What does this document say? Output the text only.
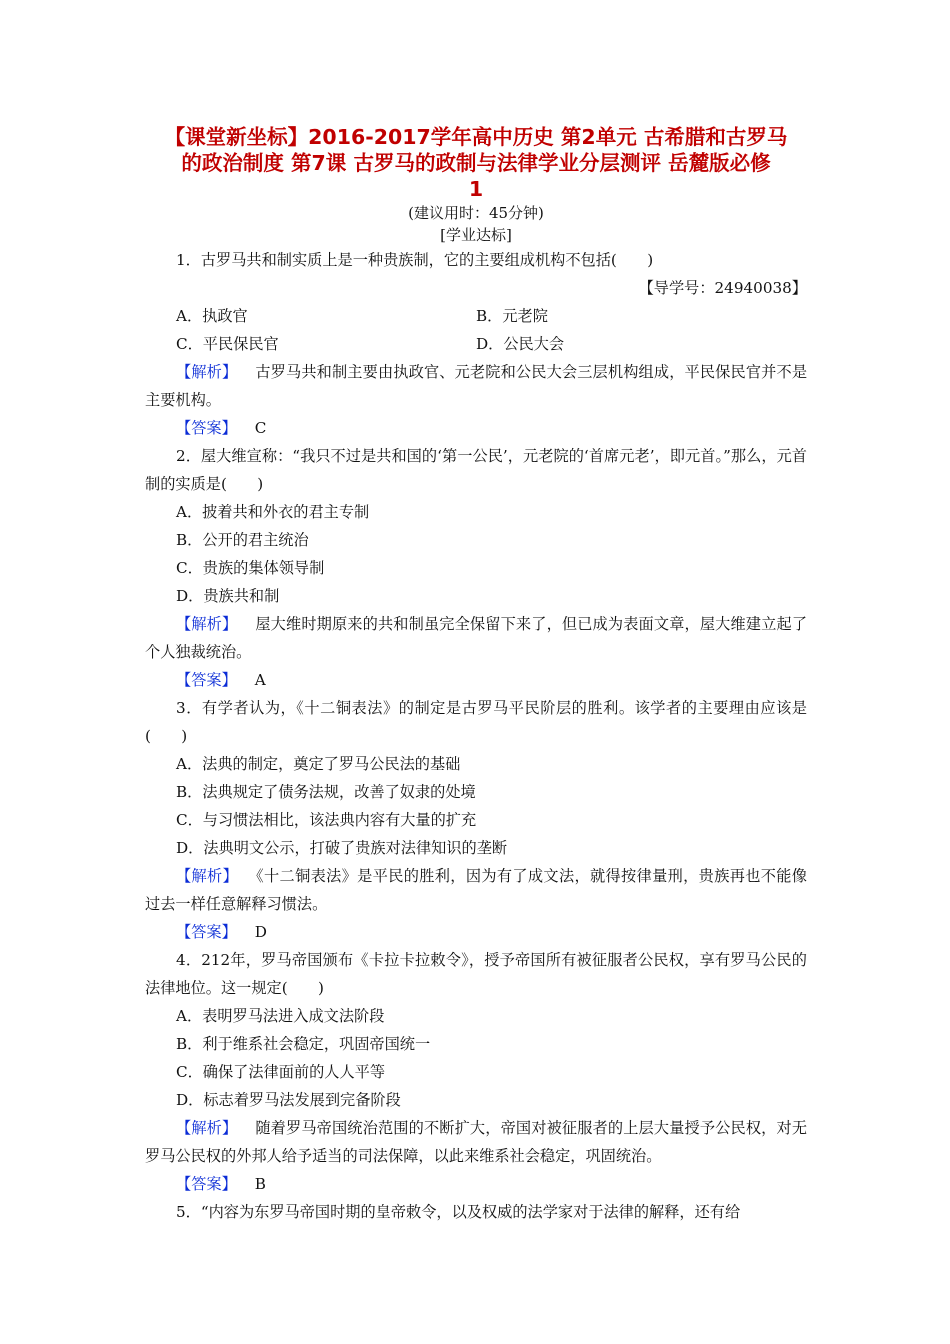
【课堂新坐标】2016-2017学年高中历史 第2单元 古希腊和古罗马
的政治制度 第7课 古罗马的政制与法律学业分层测评 岳麓版必修
1
(建议用时：45分钟)
[学业达标]

1．古罗马共和制实质上是一种贵族制，它的主要组成机构不包括(　　)

【导学号：24940038】

A．执政官	B．元老院
C．平民保民官	D．公民大会

【解析】 古罗马共和制主要由执政官、元老院和公民大会三层机构组成，平民保民官并不是主要机构。

【答案】 C

2．屋大维宣称：“我只不过是共和国的‘第一公民’，元老院的‘首席元老’，即元首。”那么，元首制的实质是(　　)

A．披着共和外衣的君主专制

B．公开的君主统治

C．贵族的集体领导制

D．贵族共和制

【解析】 屋大维时期原来的共和制虽完全保留下来了，但已成为表面文章，屋大维建立起了个人独裁统治。

【答案】 A

3．有学者认为，《十二铜表法》的制定是古罗马平民阶层的胜利。该学者的主要理由应该是(　　)

A．法典的制定，奠定了罗马公民法的基础

B．法典规定了债务法规，改善了奴隶的处境

C．与习惯法相比，该法典内容有大量的扩充

D．法典明文公示，打破了贵族对法律知识的垄断

【解析】 《十二铜表法》是平民的胜利，因为有了成文法，就得按律量刑，贵族再也不能像过去一样任意解释习惯法。

【答案】 D

4．212年，罗马帝国颁布《卡拉卡拉敕令》，授予帝国所有被征服者公民权，享有罗马公民的法律地位。这一规定(　　)

A．表明罗马法进入成文法阶段

B．利于维系社会稳定，巩固帝国统一

C．确保了法律面前的人人平等

D．标志着罗马法发展到完备阶段

【解析】 随着罗马帝国统治范围的不断扩大，帝国对被征服者的上层大量授予公民权，对无罗马公民权的外邦人给予适当的司法保障，以此来维系社会稳定，巩固统治。

【答案】 B

5．“内容为东罗马帝国时期的皇帝敕令，以及权威的法学家对于法律的解释，还有给
